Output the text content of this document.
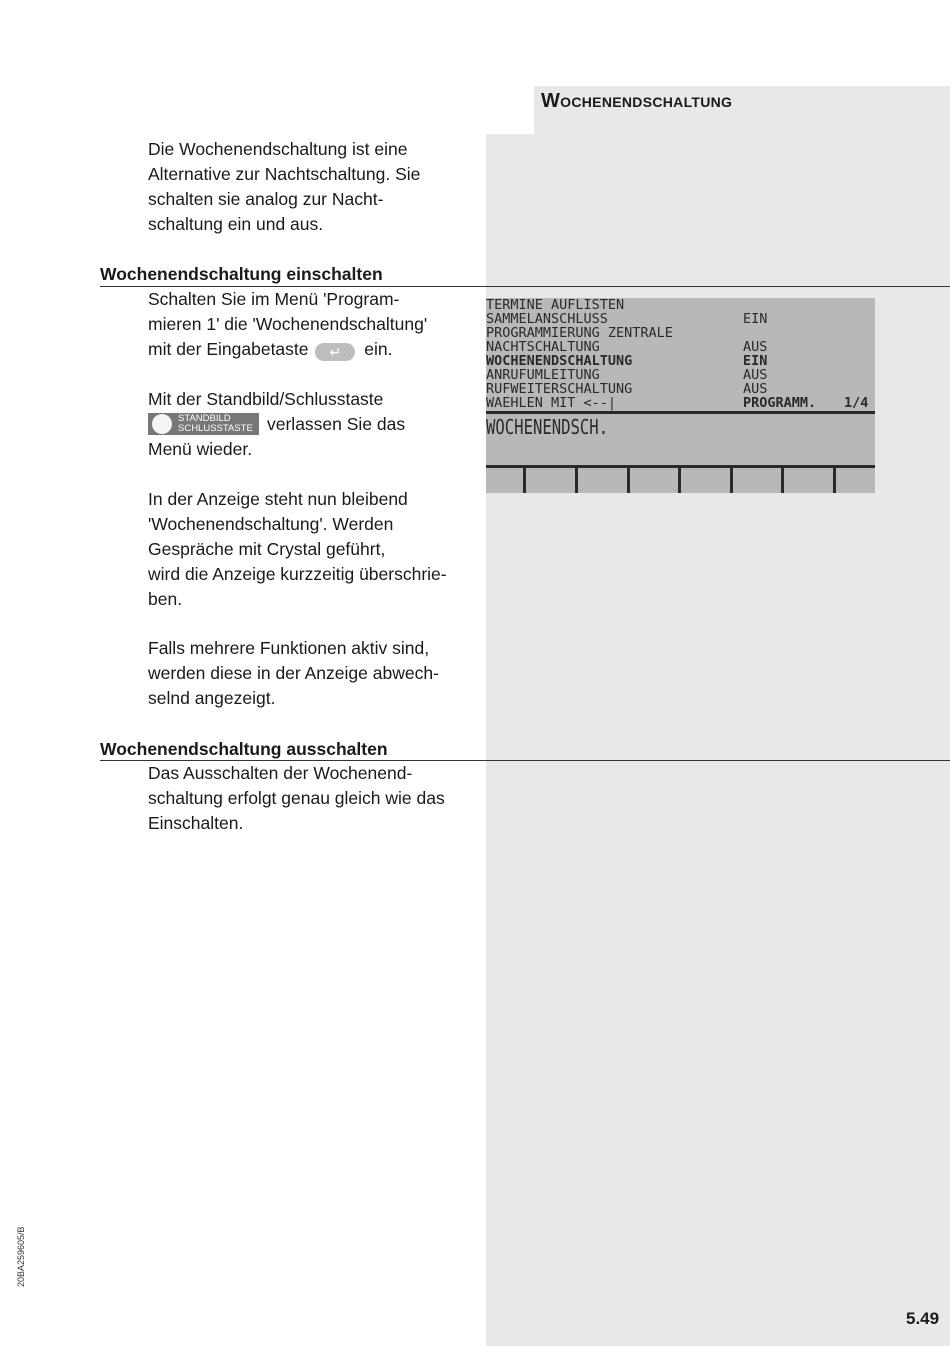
Wochenendschaltung

Die Wochenendschaltung ist eine

Alternative zur Nachtschaltung. Sie

schalten sie analog zur Nacht-

schaltung ein und aus.

Wochenendschaltung einschalten

Schalten Sie im Menü 'Program-

mieren 1' die 'Wochenendschaltung'

mit der Eingabetaste ↵ ein.

Mit der Standbild/Schlusstaste

STANDBILD
SCHLUSSTASTE verlassen Sie das

Menü wieder.

In der Anzeige steht nun bleibend

'Wochenendschaltung'. Werden

Gespräche mit Crystal geführt,

wird die Anzeige kurzzeitig überschrie-

ben.

Falls mehrere Funktionen aktiv sind,

werden diese in der Anzeige abwech-

selnd angezeigt.

Wochenendschaltung ausschalten

Das Ausschalten der Wochenend-

schaltung erfolgt genau gleich wie das

Einschalten.

TERMINE AUFLISTEN
SAMMELANSCHLUSS	EIN
PROGRAMMIERUNG ZENTRALE
NACHTSCHALTUNG	AUS
WOCHENENDSCHALTUNG	EIN
ANRUFUMLEITUNG	AUS
RUFWEITERSCHALTUNG	AUS
WAEHLEN MIT <--|	PROGRAMM. 1/4
WOCHENENDSCH.
20BA259605/B
5.49
